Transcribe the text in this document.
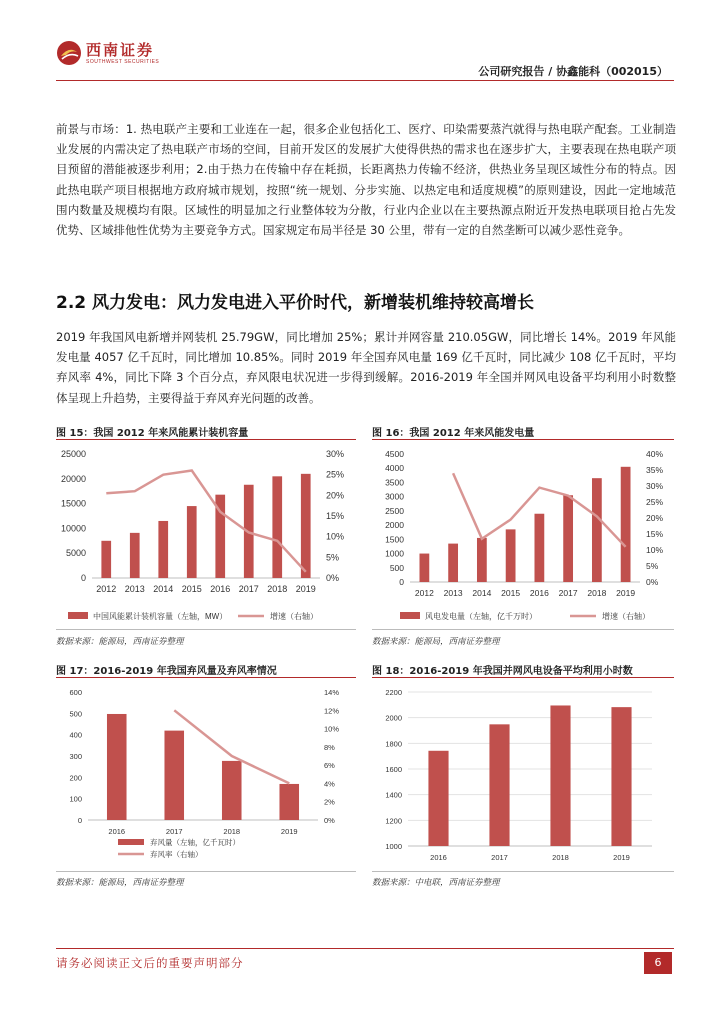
西南证券
SOUTHWEST SECURITIES
公司研究报告 / 协鑫能科（002015）

前景与市场：1. 热电联产主要和工业连在一起，很多企业包括化工、医疗、印染需要蒸汽就得与热电联产配套。工业制造业发展的内需决定了热电联产市场的空间，目前开发区的发展扩大使得供热的需求也在逐步扩大，主要表现在热电联产项目预留的潜能被逐步利用；2.由于热力在传输中存在耗损，长距离热力传输不经济，供热业务呈现区域性分布的特点。因此热电联产项目根据地方政府城市规划，按照“统一规划、分步实施、以热定电和适度规模”的原则建设，因此一定地域范围内数量及规模均有限。区域性的明显加之行业整体较为分散，行业内企业以在主要热源点附近开发热电联项目抢占先发优势、区域排他性优势为主要竞争方式。国家规定布局半径是 30 公里，带有一定的自然垄断可以减少恶性竞争。

2.2 风力发电：风力发电进入平价时代，新增装机维持较高增长

2019 年我国风电新增并网装机 25.79GW，同比增加 25%；累计并网容量 210.05GW，同比增长 14%。2019 年风能发电量 4057 亿千瓦时，同比增加 10.85%。同时 2019 年全国弃风电量 169 亿千瓦时，同比减少 108 亿千瓦时，平均弃风率 4%，同比下降 3 个百分点，弃风限电状况进一步得到缓解。2016-2019 年全国并网风电设备平均利用小时数整体呈现上升趋势，主要得益于弃风弃光问题的改善。

图 15：我国 2012 年来风能累计装机容量
0
5000
10000
15000
20000
25000
0%
5%
10%
15%
20%
25%
30%
2012 2013 2014 2015 2016 2017 2018 2019
中国风能累计装机容量（左轴，MW）	增速（右轴）
数据来源：能源局，西南证券整理
图 16：我国 2012 年来风能发电量
0
500
1000
1500
2000
2500
3000
3500
4000
4500
0%
5%
10%
15%
20%
25%
30%
35%
40%
2012 2013 2014 2015 2016 2017 2018 2019
风电发电量（左轴，亿千万时）	增速（右轴）
数据来源：能源局，西南证券整理
图 17：2016-2019 年我国弃风量及弃风率情况
0
100
200
300
400
500
600
0%
2%
4%
6%
8%
10%
12%
14%
2016	2017	2018	2019
弃风量（左轴，亿千瓦时）
弃风率（右轴）
数据来源：能源局，西南证券整理
图 18：2016-2019 年我国并网风电设备平均利用小时数
1000
1200
1400
1600
1800
2000
2200
2016	2017	2018	2019
数据来源：中电联，西南证券整理
请务必阅读正文后的重要声明部分	6
